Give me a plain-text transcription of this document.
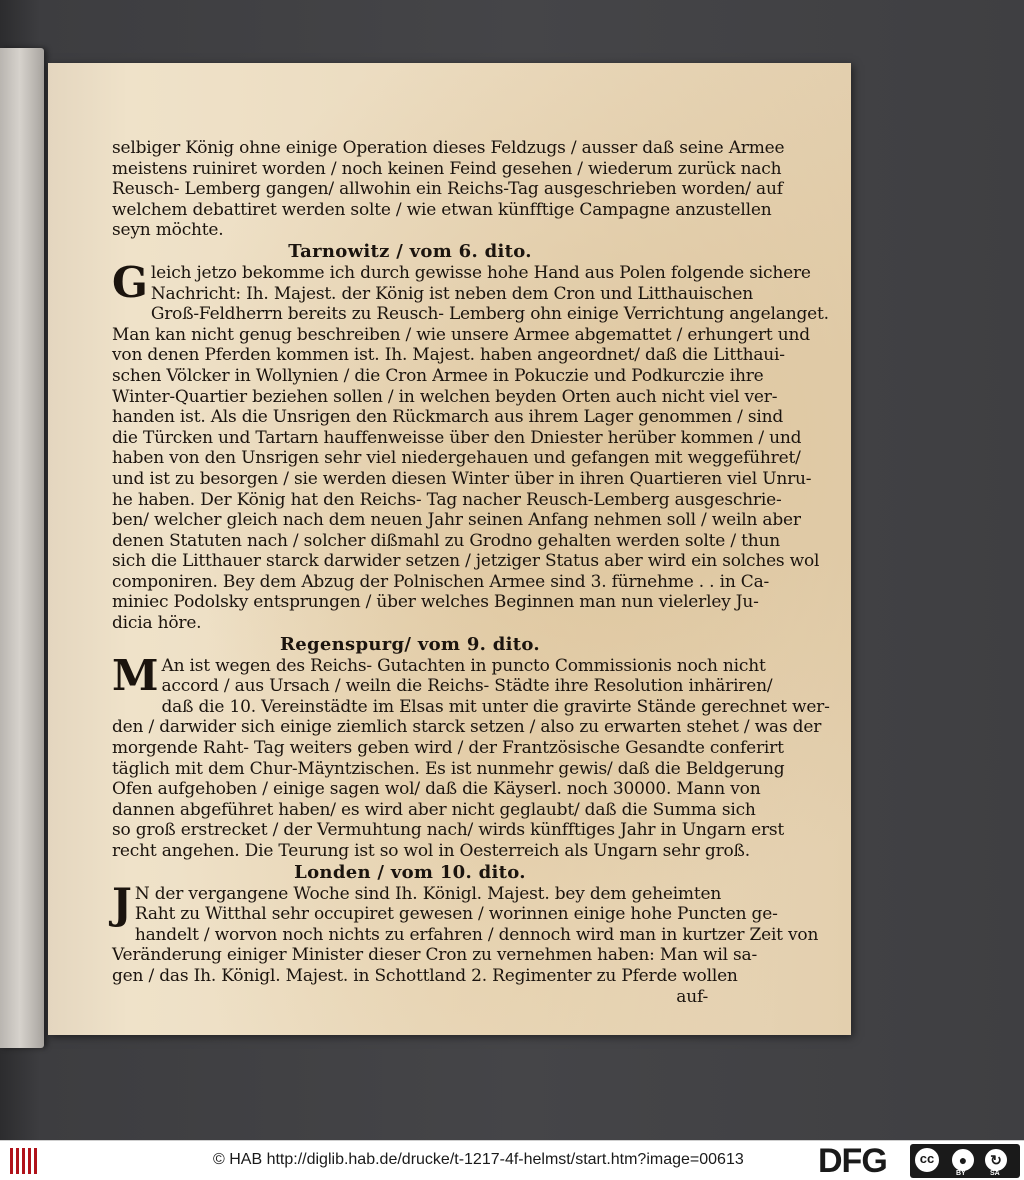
selbiger König ohne einige Operation dieses Feldzugs / ausser daß seine Armee
meistens ruiniret worden / noch keinen Feind gesehen / wiederum zurück nach
Reusch- Lemberg gangen/ allwohin ein Reichs-Tag ausgeschrieben worden/ auf
welchem debattiret werden solte / wie etwan künfftige Campagne anzustellen
seyn möchte.
Tarnowitz / vom 6. dito.
G leich jetzo bekomme ich durch gewisse hohe Hand aus Polen folgende sichere
Nachricht: Ih. Majest. der König ist neben dem Cron und Litthauischen
Groß-Feldherrn bereits zu Reusch- Lemberg ohn einige Verrichtung angelanget.
Man kan nicht genug beschreiben / wie unsere Armee abgemattet / erhungert und
von denen Pferden kommen ist. Ih. Majest. haben angeordnet/ daß die Litthaui-
schen Völcker in Wollynien / die Cron Armee in Pokuczie und Podkurczie ihre
Winter-Quartier beziehen sollen / in welchen beyden Orten auch nicht viel ver-
handen ist. Als die Unsrigen den Rückmarch aus ihrem Lager genommen / sind
die Türcken und Tartarn hauffenweisse über den Dniester herüber kommen / und
haben von den Unsrigen sehr viel niedergehauen und gefangen mit weggeführet/
und ist zu besorgen / sie werden diesen Winter über in ihren Quartieren viel Unru-
he haben. Der König hat den Reichs- Tag nacher Reusch-Lemberg ausgeschrie-
ben/ welcher gleich nach dem neuen Jahr seinen Anfang nehmen soll / weiln aber
denen Statuten nach / solcher dißmahl zu Grodno gehalten werden solte / thun
sich die Litthauer starck darwider setzen / jetziger Status aber wird ein solches wol
componiren. Bey dem Abzug der Polnischen Armee sind 3. fürnehme . . in Ca-
miniec Podolsky entsprungen / über welches Beginnen man nun vielerley Ju-
dicia höre.
Regenspurg/ vom 9. dito.
M An ist wegen des Reichs- Gutachten in puncto Commissionis noch nicht
accord / aus Ursach / weiln die Reichs- Städte ihre Resolution inhäriren/
daß die 10. Vereinstädte im Elsas mit unter die gravirte Stände gerechnet wer-
den / darwider sich einige ziemlich starck setzen / also zu erwarten stehet / was der
morgende Raht- Tag weiters geben wird / der Frantzösische Gesandte conferirt
täglich mit dem Chur-Mäyntzischen. Es ist nunmehr gewis/ daß die Beldgerung
Ofen aufgehoben / einige sagen wol/ daß die Käyserl. noch 30000. Mann von
dannen abgeführet haben/ es wird aber nicht geglaubt/ daß die Summa sich
so groß erstrecket / der Vermuhtung nach/ wirds künfftiges Jahr in Ungarn erst
recht angehen. Die Teurung ist so wol in Oesterreich als Ungarn sehr groß.
Londen / vom 10. dito.
J N der vergangene Woche sind Ih. Königl. Majest. bey dem geheimten
Raht zu Witthal sehr occupiret gewesen / worinnen einige hohe Puncten ge-
handelt / worvon noch nichts zu erfahren / dennoch wird man in kurtzer Zeit von
Veränderung einiger Minister dieser Cron zu vernehmen haben: Man wil sa-
gen / das Ih. Königl. Majest. in Schottland 2. Regimenter zu Pferde wollen
auf-
© HAB http://diglib.hab.de/drucke/t-1217-4f-helmst/start.htm?image=00613 DFG	cc	●	↻
BY	SA
